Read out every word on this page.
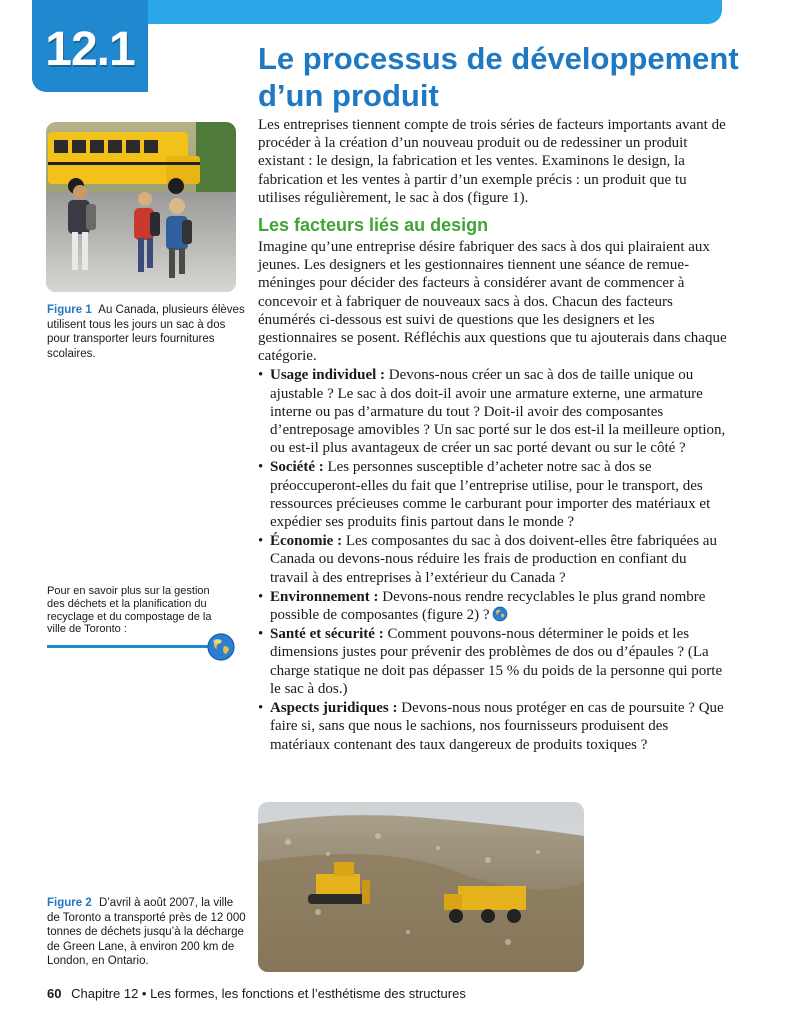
12.1	Le processus de développement d’un produit
Figure 1 Au Canada, plusieurs élèves utilisent tous les jours un sac à dos pour transporter leurs fournitures scolaires.
Pour en savoir plus sur la gestion des déchets et la planification du recyclage et du compostage de la ville de Toronto :
Figure 2 D’avril à août 2007, la ville de Toronto a transporté près de 12 000 tonnes de déchets jusqu’à la décharge de Green Lane, à environ 200 km de London, en Ontario.

Les entreprises tiennent compte de trois séries de facteurs importants avant de procéder à la création d’un nouveau produit ou de redessiner un produit existant : le design, la fabrication et les ventes. Examinons le design, la fabrication et les ventes à partir d’un exemple précis : un produit que tu utilises régulièrement, le sac à dos (figure 1).

Les facteurs liés au design

Imagine qu’une entreprise désire fabriquer des sacs à dos qui plairaient aux jeunes. Les designers et les gestionnaires tiennent une séance de remue-méninges pour décider des facteurs à considérer avant de commencer à concevoir et à fabriquer de nouveaux sacs à dos. Chacun des facteurs énumérés ci-dessous est suivi de questions que les designers et les gestionnaires se posent. Réfléchis aux questions que tu ajouterais dans chaque catégorie.

• Usage individuel : Devons-nous créer un sac à dos de taille unique ou ajustable ? Le sac à dos doit-il avoir une armature externe, une armature interne ou pas d’armature du tout ? Doit-il avoir des composantes d’entreposage amovibles ? Un sac porté sur le dos est-il la meilleure option, ou est-il plus avantageux de créer un sac porté devant ou sur le côté ?
• Société : Les personnes susceptible d’acheter notre sac à dos se préoccuperont-elles du fait que l’entreprise utilise, pour le transport, des ressources précieuses comme le carburant pour importer des matériaux et expédier ses produits finis partout dans le monde ?
• Économie : Les composantes du sac à dos doivent-elles être fabriquées au Canada ou devons-nous réduire les frais de production en confiant du travail à des entreprises à l’extérieur du Canada ?
• Environnement : Devons-nous rendre recyclables le plus grand nombre possible de composantes (figure 2) ?
• Santé et sécurité : Comment pouvons-nous déterminer le poids et les dimensions justes pour prévenir des problèmes de dos ou d’épaules ? (La charge statique ne doit pas dépasser 15 % du poids de la personne qui porte le sac à dos.)
• Aspects juridiques : Devons-nous nous protéger en cas de poursuite ? Que faire si, sans que nous le sachions, nos fournisseurs produisent des matériaux contenant des taux dangereux de produits toxiques ?
60 Chapitre 12 • Les formes, les fonctions et l’esthétisme des structures
